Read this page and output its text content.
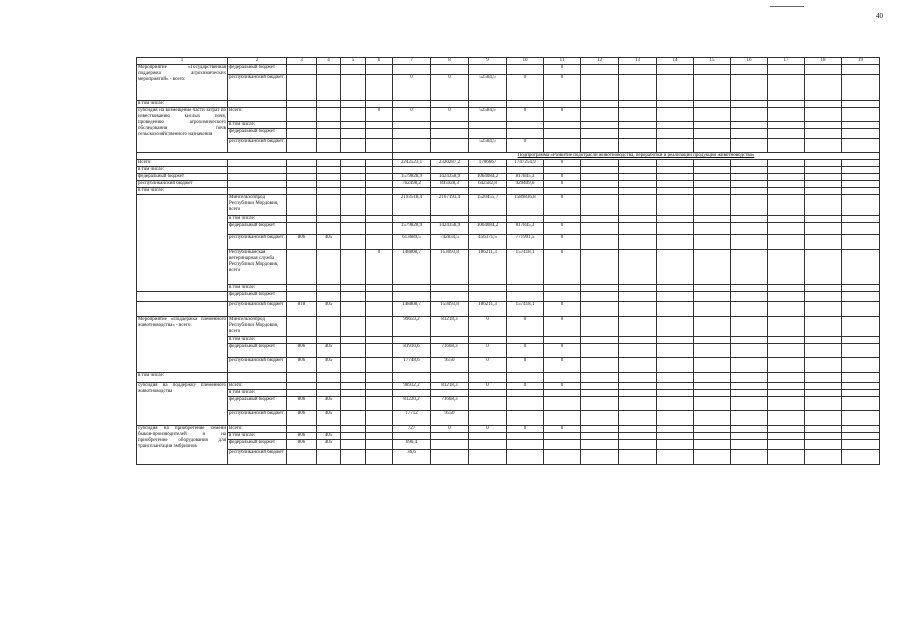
40
1	2	3	4	5	6	7	8	9	10	11	12	13	14	15	16	17	18	19
Мероприятие «Государственная поддержка агрохимических мероприятий» - всего:	федеральный бюджет									0								
	республиканский бюджет					0	0	52584,5	0	0								
в том числе:																		
субсидия на возмещение части затрат по известкованию кислых почв, проведению агрохимического обследования почв сельскохозяйственного назначения	Всего:				0	0	0	52584,5	0	0								
	в том числе:																	
	федеральный бюджет																	
	республиканский бюджет							52584,5	0									
						Подпрограмма «Развитие подотрасли животноводства, переработки и реализации продукции животноводства»												
Всего:						2242523,1	2320287,2	1706667	1747254,9	0								
в том числе:																		
федеральный бюджет						1579828,9	1424358,9	1064084,2	817845,3	0								
республиканский бюджет						762498,2	895928,3	642582,8	929409,6	0								
в том числе:																		
	Минсельхозпрод Республики Мордовия, всего					2193518,4	2167193,4	1520455,7	1589836,8	0								
	в том числе:																	
	федеральный бюджет					1579828,9	1424358,9	1064084,2	817845,3	0								
	республиканский бюджет	806	405			613689,5	742834,5	456371,5	771991,5	0								
	Республиканская ветеринарная служба Республики Мордовия, всего				0	148808,7	153093,8	186211,3	157418,1	0								
	в том числе:																	
	федеральный бюджет																	
	республиканский бюджет	818	405			148808,7	153093,8	186211,3	157418,1	0								
Мероприятие «Поддержка племенного животноводства» - всего:	Минсельхозпрод Республики Мордовия, всего					99659,2	81218,3	0	0	0								
	в том числе:																	
	федеральный бюджет	806	405			81910,6	71668,3	0	0	0								
	республиканский бюджет	806	405			17748,6	9550	0	0	0								
в том числе:																		
субсидия на поддержку племенного животноводства	Всего:					98932,2	81218,3	0	0	0								
	в том числе:																	
	федеральный бюджет	806	405			81220,2	71668,3											
	республиканский бюджет	806	405			17712	9550											
субсидия на приобретение семени быков-производителей и на приобретение оборудования для трансплантации эмбрионов	Всего:					727	0	0	0	0								
	в том числе:	806	405															
	федеральный бюджет	806	405			690,4												
	республиканский бюджет					36,6												
